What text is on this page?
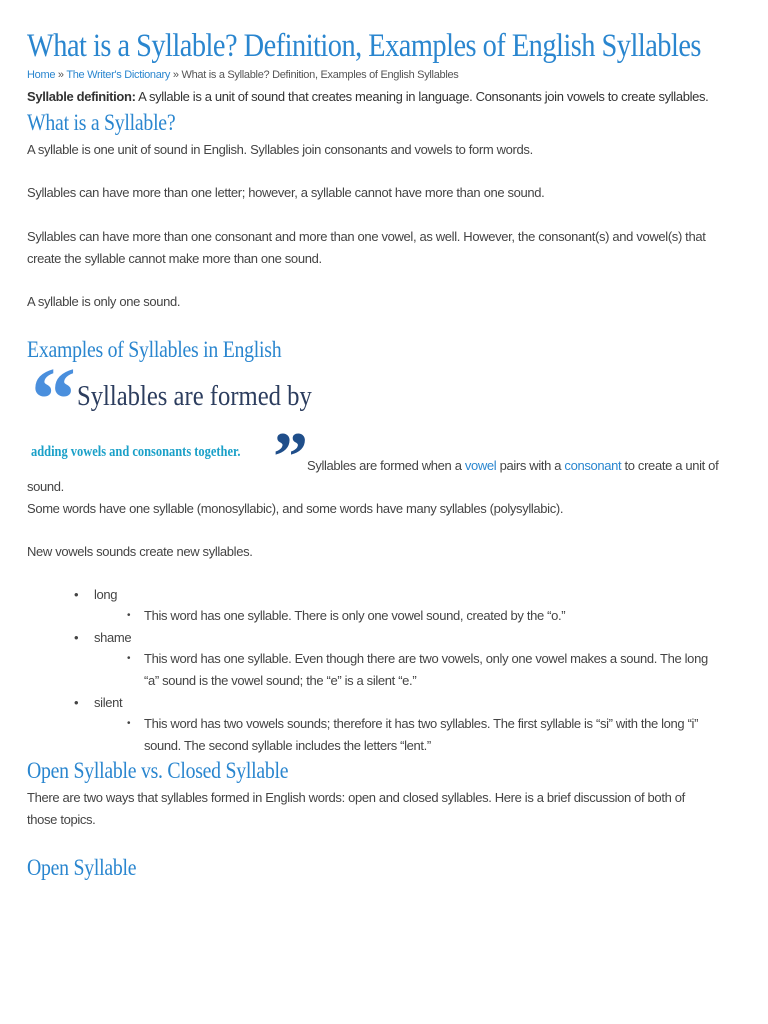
What is a Syllable? Definition, Examples of English Syllables
Home » The Writer's Dictionary » What is a Syllable? Definition, Examples of English Syllables
Syllable definition: A syllable is a unit of sound that creates meaning in language. Consonants join vowels to create syllables.
What is a Syllable?
A syllable is one unit of sound in English. Syllables join consonants and vowels to form words.
Syllables can have more than one letter; however, a syllable cannot have more than one sound.
Syllables can have more than one consonant and more than one vowel, as well. However, the consonant(s) and vowel(s) that
create the syllable cannot make more than one sound.
A syllable is only one sound.
Examples of Syllables in English
“ Syllables are formed by
adding vowels and consonants together. ” Syllables are formed when a vowel pairs with a consonant to create a unit of
sound.
Some words have one syllable (monosyllabic), and some words have many syllables (polysyllabic).
New vowels sounds create new syllables.
• long
• This word has one syllable. There is only one vowel sound, created by the “o.”
• shame
• This word has one syllable. Even though there are two vowels, only one vowel makes a sound. The long
“a” sound is the vowel sound; the “e” is a silent “e.”
• silent
• This word has two vowels sounds; therefore it has two syllables. The first syllable is “si” with the long “i”
sound. The second syllable includes the letters “lent.”
Open Syllable vs. Closed Syllable
There are two ways that syllables formed in English words: open and closed syllables. Here is a brief discussion of both of
those topics.
Open Syllable
